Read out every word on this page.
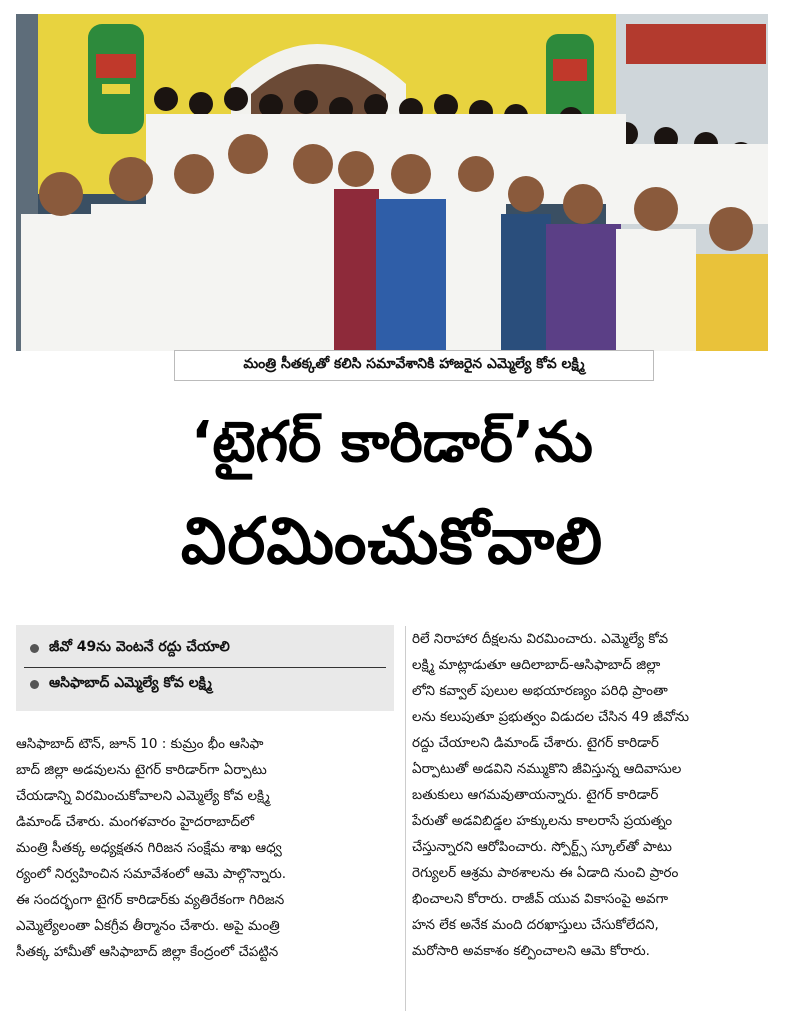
మంత్రి సీతక్కతో కలిసి సమావేశానికి హాజరైన ఎమ్మెల్యే కోవ లక్ష్మి
‘టైగర్ కారిడార్’ను
విరమించుకోవాలి
జీవో 49ను వెంటనే రద్దు చేయాలి
ఆసిఫాబాద్ ఎమ్మెల్యే కోవ లక్ష్మి
ఆసిఫాబాద్ టౌన్, జూన్ 10 : కుమ్రం భీం ఆసిఫా
బాద్ జిల్లా అడవులను టైగర్ కారిడార్‌గా ఏర్పాటు
చేయడాన్ని విరమించుకోవాలని ఎమ్మెల్యే కోవ లక్ష్మి
డిమాండ్ చేశారు. మంగళవారం హైదరాబాద్‌లో
మంత్రి సీతక్క అధ్యక్షతన గిరిజన సంక్షేమ శాఖ ఆధ్వ
ర్యంలో నిర్వహించిన సమావేశంలో ఆమె పాల్గొన్నారు.
ఈ సందర్భంగా టైగర్ కారిడార్‌కు వ్యతిరేకంగా గిరిజన
ఎమ్మెల్యేలంతా ఏకగ్రీవ తీర్మానం చేశారు. అపై మంత్రి
సీతక్క హామీతో ఆసిఫాబాద్ జిల్లా కేంద్రంలో చేపట్టిన
రిలే నిరాహార దీక్షలను విరమించారు. ఎమ్మెల్యే కోవ
లక్ష్మి మాట్లాడుతూ ఆదిలాబాద్-ఆసిఫాబాద్ జిల్లా
లోని కవ్వాల్ పులుల అభయారణ్యం పరిధి ప్రాంతా
లను కలుపుతూ ప్రభుత్వం విడుదల చేసిన 49 జీవోను
రద్దు చేయాలని డిమాండ్ చేశారు. టైగర్ కారిడార్
ఏర్పాటుతో అడవిని నమ్ముకొని జీవిస్తున్న ఆదివాసుల
బతుకులు ఆగమవుతాయన్నారు. టైగర్ కారిడార్
పేరుతో అడవిబిడ్డల హక్కులను కాలరాసే ప్రయత్నం
చేస్తున్నారని ఆరోపించారు. స్పోర్ట్స్ స్కూల్‌తో పాటు
రెగ్యులర్ ఆశ్రమ పాఠశాలను ఈ ఏడాది నుంచి ప్రారం
భించాలని కోరారు. రాజీవ్ యువ వికాసంపై అవగా
హన లేక అనేక మంది దరఖాస్తులు చేసుకోలేదని,
మరోసారి అవకాశం కల్పించాలని ఆమె కోరారు.
